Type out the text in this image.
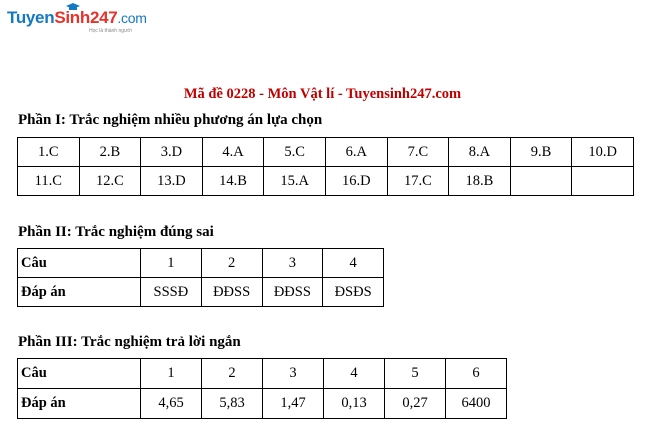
TuyenSinh247.com
Học là thành người
Mã đề 0228 - Môn Vật lí - Tuyensinh247.com
Phần I: Trắc nghiệm nhiều phương án lựa chọn
1.C	2.B	3.D	4.A	5.C	6.A	7.C	8.A	9.B	10.D
11.C	12.C	13.D	14.B	15.A	16.D	17.C	18.B		
Phần II: Trắc nghiệm đúng sai
Câu	1	2	3	4
Đáp án	SSSĐ	ĐĐSS	ĐĐSS	ĐSĐS
Phần III: Trắc nghiệm trả lời ngắn
Câu	1	2	3	4	5	6
Đáp án	4,65	5,83	1,47	0,13	0,27	6400
